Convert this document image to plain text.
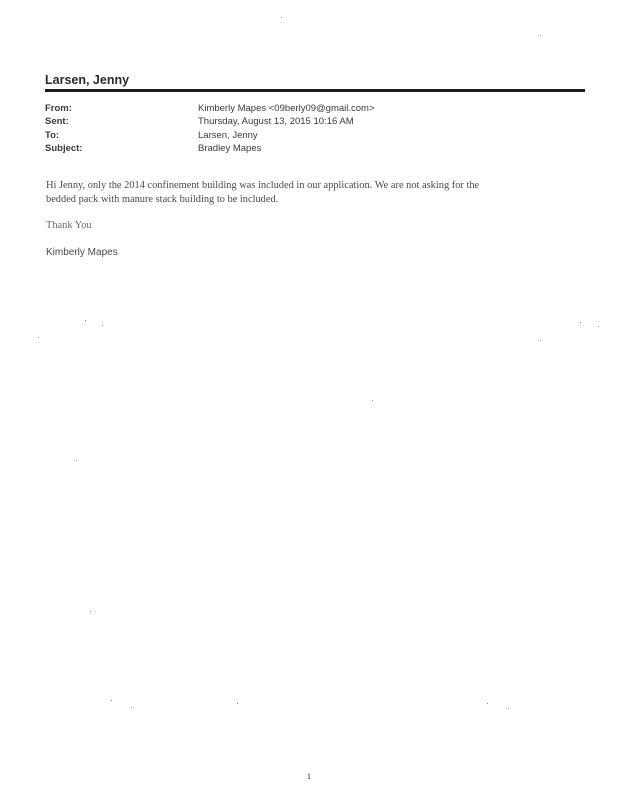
Larsen, Jenny
From:	Kimberly Mapes <09berly09@gmail.com>
Sent:	Thursday, August 13, 2015 10:16 AM
To:	Larsen, Jenny
Subject:	Bradley Mapes
Hi Jenny, only the 2014 confinement building was included in our application. We are not asking for the
bedded pack with manure stack building to be included.
Thank You
Kimberly Mapes
1
